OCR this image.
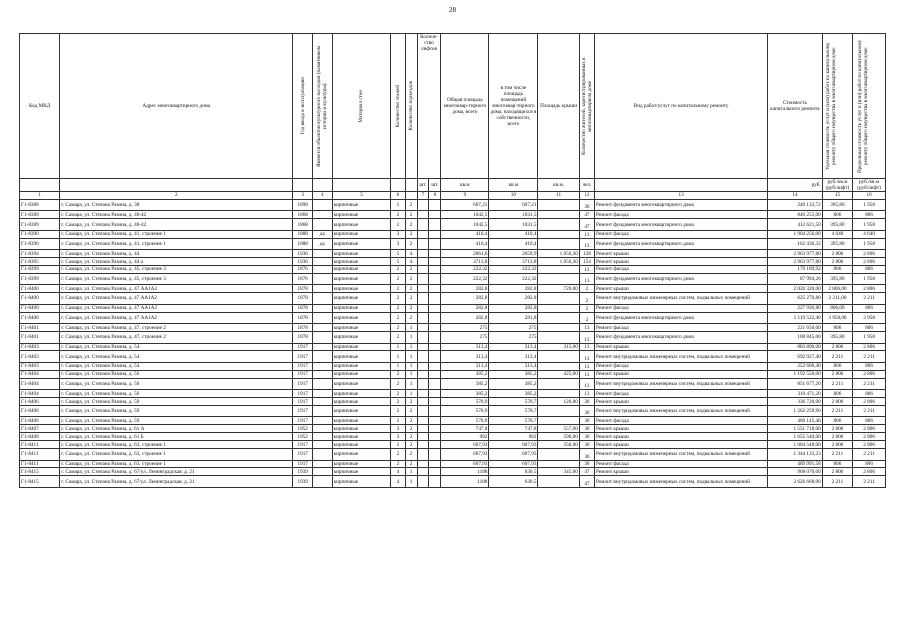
28
Код МКД	Адрес многоквартирного дома	Год ввода в эксплуатацию	Является объектом культурного наследия (памятником истории и культуры)	Материал стен	Количество этажей	Количество подъездов	Количе-ство лифтов		Общая площадь многоквар-тирного дома, всего	в том числе площадь помещений многоквар-тирного дома, находящихся в собственности, всего	Площадь крыши	Количество жителей, зарегистрированных в многоквартирном доме	Вид работ/услуг по капитальному ремонту	Стоимость капитального ремонта	Удельная стоимость услуг и (или) работ по капитальному ремонту общего имущества в многоквартирном доме	Предельная стоимость услуг и (или) работ по капитальному ремонту общего имущества в многоквартирном доме

							шт.	шт.	кв.м	кв.м	кв.м.	чел.		руб.	руб./кв.м (руб/лифт)	руб./кв.м (руб/лифт)
1	2	3	4	5	6		7	8	9	10	11	12	13	14	15	16
Г1-8388	г. Самара, ул. Степана Разина, д. 38	1898		кирпичные	1	2			607,21	607,21		36	Ремонт фундамента многоквартирного дома	240 133,72	395,80	1 958
Г1-8389	г. Самара, ул. Степана Разина, д. 40-42	1868		кирпичные	2	2			1042,5	1031,5		47	Ремонт фасада	840 255,00	806	806
Г1-8389	г. Самара, ул. Степана Разина, д. 40-42	1868		кирпичные	2	2			1042,5	1031,5		47	Ремонт фундамента многоквартирного дома	412 621,50	395,80	1 958
Г1-8390	г. Самара, ул. Степана Разина, д. 41, строение 1	1888	да	кирпичные	3	2			410,4	410,4		13	Ремонт фасада	1 904 256,00	4 640	4 640
Г1-8390	г. Самара, ул. Степана Разина, д. 41, строение 1	1888	да	кирпичные	3	2			410,4	410,4		13	Ремонт фундамента многоквартирного дома	162 436,32	395,80	1 958
Г1-8394	г. Самара, ул. Степана Разина, д. 44	1936		кирпичные	5	4			2861,6	2659,9	1 056,30	128	Ремонт крыши	2 963 977,80	2 806	2 806
Г1-8395	г. Самара, ул. Степана Разина, д. 44 а	1936		кирпичные	5	4			3713,8	3713,8	1 056,30	154	Ремонт крыши	2 963 977,80	2 806	2 806
Г1-8399	г. Самара, ул. Степана Разина, д. 45, строение 3	1876		кирпичные	2	2			222,32	222,32		13	Ремонт фасада	179 189,92	806	806
Г1-8399	г. Самара, ул. Степана Разина, д. 45, строение 3	1876		кирпичные	2	2			222,32	222,32		13	Ремонт фундамента многоквартирного дома	87 994,26	395,80	1 958
Г1-8400	г. Самара, ул. Степана Разина, д. 47 АА1А2	1878		кирпичные	2	2			282,8	282,8	720,00	2	Ремонт крыши	2 020 320,00	2 806,00	2 806
Г1-8400	г. Самара, ул. Степана Разина, д. 47 АА1А2	1878		кирпичные	2	2			282,8	282,8		2	Ремонт внутридомовых инженерных систем, подвальных помещений	625 270,80	2 211,00	2 211
Г1-8400	г. Самара, ул. Степана Разина, д. 47 АА1А2	1878		кирпичные	2	2			282,8	282,8		2	Ремонт фасада	227 936,80	806,00	806
Г1-8400	г. Самара, ул. Степана Разина, д. 47 АА1А2	1878		кирпичные	2	2			282,8	281,8		2	Ремонт фундамента многоквартирного дома	1 119 522,40	3 958,00	3 958
Г1-8401	г. Самара, ул. Степана Разина, д. 47, строение 2	1878		кирпичные	2	1			275	275		13	Ремонт фасада	221 650,00	806	806
Г1-8401	г. Самара, ул. Степана Разина, д. 47, строение 2	1878		кирпичные	2	1			275	275		13	Ремонт фундамента многоквартирного дома	108 845,00	395,80	1 958
Г1-8403	г. Самара, ул. Степана Разина, д. 54	1917		кирпичные	1	1			313,4	313,4	315,00	13	Ремонт крыши	883 890,00	2 806	2 806
Г1-8403	г. Самара, ул. Степана Разина, д. 54	1917		кирпичные	1	1			313,4	313,4		13	Ремонт внутридомовых инженерных систем, подвальных помещений	692 927,40	2 211	2 211
Г1-8403	г. Самара, ул. Степана Разина, д. 54	1917		кирпичные	1	1			313,4	313,4		13	Ремонт фасада	252 600,40	806	806
Г1-8404	г. Самара, ул. Степана Разина, д. 56	1917		кирпичные	2	1			385,2	385,2	425,00	13	Ремонт крыши	1 192 550,00	2 806	2 806
Г1-8404	г. Самара, ул. Степана Разина, д. 56	1917		кирпичные	2	1			385,2	385,2		13	Ремонт внутридомовых инженерных систем, подвальных помещений	851 677,20	2 211	2 211
Г1-8404	г. Самара, ул. Степана Разина, д. 56	1917		кирпичные	2	1			385,2	385,2		13	Ремонт фасада	310 471,20	806	806
Г1-8406	г. Самара, ул. Степана Разина, д. 59	1917		кирпичные	2	2			570,9	570,7	120,00	36	Ремонт крыши	336 720,00	2 806	2 806
Г1-8406	г. Самара, ул. Степана Разина, д. 59	1917		кирпичные	2	2			570,9	570,7		36	Ремонт внутридомовых инженерных систем, подвальных помещений	1 262 259,90	2 211	2 211
Г1-8406	г. Самара, ул. Степана Разина, д. 59	1917		кирпичные	2	2			570,9	570,7		36	Ремонт фасада	460 145,40	806	806
Г1-8407	г. Самара, ул. Степана Разина, д. 61 А	1952		кирпичные	3	2			747,8	747,8	557,00	36	Ремонт крыши	1 551 718,00	2 806	2 806
Г1-8408	г. Самара, ул. Степана Разина, д. 61 Б	1952		кирпичные	3	2			982	982	590,00	36	Ремонт крыши	1 655 540,00	2 806	2 806
Г1-8411	г. Самара, ул. Степана Разина, д. 63, строение 1	1917		кирпичные	2	2			607,93	607,93	358,00	36	Ремонт крыши	1 004 548,00	2 806	2 806
Г1-8411	г. Самара, ул. Степана Разина, д. 63, строение 1	1917		кирпичные	2	2			607,93	607,93		36	Ремонт внутридомовых инженерных систем, подвальных помещений	1 344 133,23	2 211	2 211
Г1-8411	г. Самара, ул. Степана Разина, д. 63, строение 1	1917		кирпичные	2	2			607,93	607,93		36	Ремонт фасада	489 991,58	806	806
Г1-8415	г. Самара, ул. Степана Разина, д. 67/ул. Ленинградская, д. 21	1939		кирпичные	4	1			1188	630,5	345,00	47	Ремонт крыши	968 070,00	2 806	2 806
Г1-8415	г. Самара, ул. Степана Разина, д. 67/ул. Ленинградская, д. 21	1939		кирпичные	4	1			1188	630,5		47	Ремонт внутридомовых инженерных систем, подвальных помещений	2 626 668,00	2 211	2 211
